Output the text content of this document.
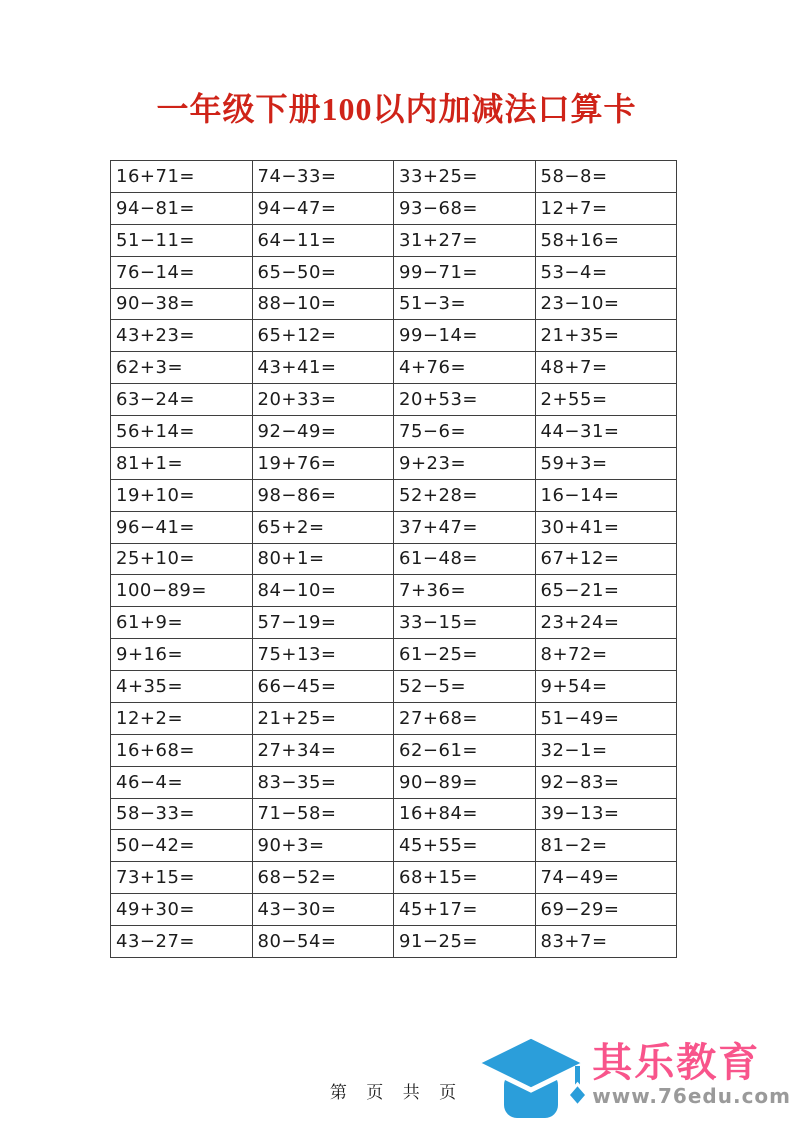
一年级下册100以内加减法口算卡
16+71=	74−33=	33+25=	58−8=
94−81=	94−47=	93−68=	12+7=
51−11=	64−11=	31+27=	58+16=
76−14=	65−50=	99−71=	53−4=
90−38=	88−10=	51−3=	23−10=
43+23=	65+12=	99−14=	21+35=
62+3=	43+41=	4+76=	48+7=
63−24=	20+33=	20+53=	2+55=
56+14=	92−49=	75−6=	44−31=
81+1=	19+76=	9+23=	59+3=
19+10=	98−86=	52+28=	16−14=
96−41=	65+2=	37+47=	30+41=
25+10=	80+1=	61−48=	67+12=
100−89=	84−10=	7+36=	65−21=
61+9=	57−19=	33−15=	23+24=
9+16=	75+13=	61−25=	8+72=
4+35=	66−45=	52−5=	9+54=
12+2=	21+25=	27+68=	51−49=
16+68=	27+34=	62−61=	32−1=
46−4=	83−35=	90−89=	92−83=
58−33=	71−58=	16+84=	39−13=
50−42=	90+3=	45+55=	81−2=
73+15=	68−52=	68+15=	74−49=
49+30=	43−30=	45+17=	69−29=
43−27=	80−54=	91−25=	83+7=
第 页 共 页
其乐教育
www.76edu.com
